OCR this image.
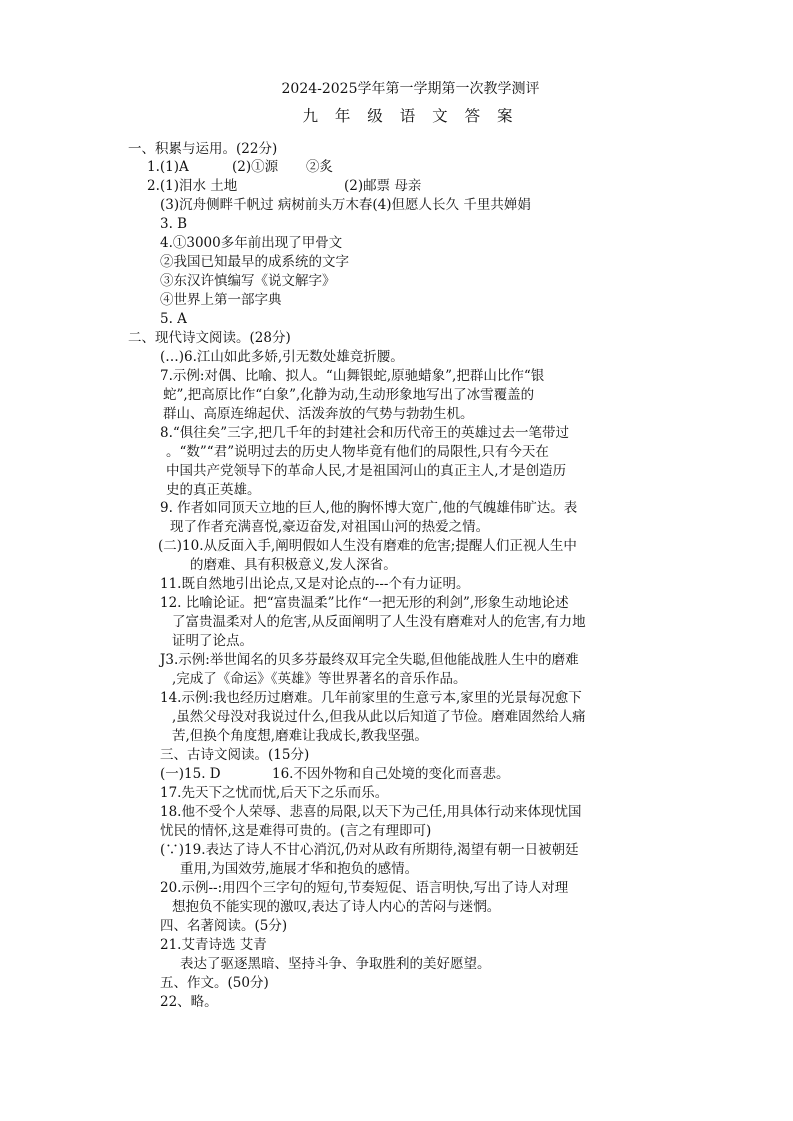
2024-2025学年第一学期第一次教学测评
九 年 级 语 文 答 案
一、积累与运用。(22分)
1.(1)A	(2)①源 ②炙
2.(1)泪水 土地	(2)邮票 母亲
(3)沉舟侧畔千帆过 病树前头万木春(4)但愿人长久 千里共婵娟
3. B
4.①3000多年前出现了甲骨文
②我国已知最早的成系统的文字
③东汉许慎编写《说文解字》
④世界上第一部字典
5. A
二、现代诗文阅读。(28分)
(…)6.江山如此多娇,引无数处雄竞折腰。
7.示例:对偶、比喻、拟人。“山舞银蛇,原驰蜡象”,把群山比作“银
蛇”,把高原比作“白象”,化静为动,生动形象地写出了冰雪覆盖的
群山、高原连绵起伏、活泼奔放的气势与勃勃生机。
8.“俱往矣”三字,把几千年的封建社会和历代帝王的英雄过去一笔带过
。“数”“君”说明过去的历史人物毕竟有他们的局限性,只有今天在
中国共产党领导下的革命人民,才是祖国河山的真正主人,才是创造历
史的真正英雄。
9. 作者如同顶天立地的巨人,他的胸怀博大宽广,他的气魄雄伟旷达。表
现了作者充满喜悦,豪迈奋发,对祖国山河的热爱之情。
(二)10.从反面入手,阐明假如人生没有磨难的危害;提醒人们正视人生中
的磨难、具有积极意义,发人深省。
11.既自然地引出论点,又是对论点的---个有力证明。
12. 比喻论证。把“富贵温柔”比作“一把无形的利剑”,形象生动地论述
了富贵温柔对人的危害,从反面阐明了人生没有磨难对人的危害,有力地
证明了论点。
J3.示例:举世闻名的贝多芬最终双耳完全失聪,但他能战胜人生中的磨难
,完成了《命运》《英雄》等世界著名的音乐作品。
14.示例:我也经历过磨难。几年前家里的生意亏本,家里的光景每况愈下
,虽然父母没对我说过什么,但我从此以后知道了节俭。磨难固然给人痛
苦,但换个角度想,磨难让我成长,教我坚强。
三、古诗文阅读。(15分)
(一)15. D	16.不因外物和自己处境的变化而喜悲。
17.先天下之忧而忧,后天下之乐而乐。
18.他不受个人荣辱、悲喜的局限,以天下为己任,用具体行动来体现忧国
忧民的情怀,这是难得可贵的。(言之有理即可)
(∵)19.表达了诗人不甘心消沉,仍对从政有所期待,渴望有朝一日被朝廷
重用,为国效劳,施展才华和抱负的感情。
20.示例--:用四个三字句的短句,节奏短促、语言明快,写出了诗人对理
想抱负不能实现的激叹,表达了诗人内心的苦闷与迷惘。
四、名著阅读。(5分)
21.艾青诗选 艾青
表达了驱逐黑暗、坚持斗争、争取胜利的美好愿望。
五、作文。(50分)
22、略。
